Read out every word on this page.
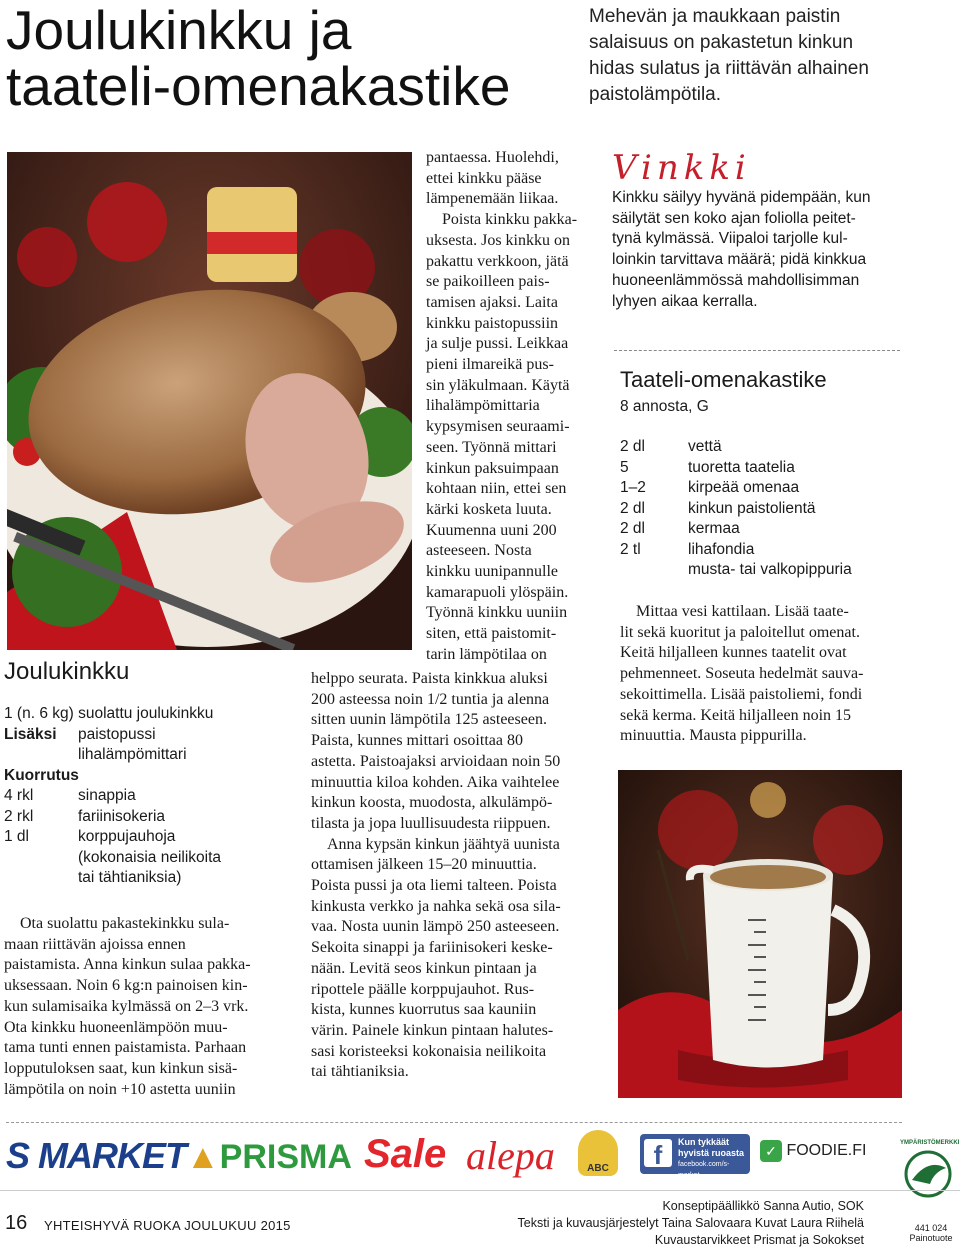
Joulukinkku ja
taateli-omenakastike
Mehevän ja maukkaan paistin
salaisuus on pakastetun kinkun
hidas sulatus ja riittävän alhainen
paistolämpötila.
Joulukinkku
1 (n. 6 kg) suolattu joulukinkku
Lisäksi	paistopussi
lihalämpömittari
Kuorrutus
4 rkl	sinappia
2 rkl	fariinisokeria
1 dl	korppujauhoja
(kokonaisia neilikoita
tai tähtianiksia)
Ota suolattu pakastekinkku sula-
maan riittävän ajoissa ennen
paistamista. Anna kinkun sulaa pakka-
uksessaan. Noin 6 kg:n painoisen kin-
kun sulamisaika kylmässä on 2–3 vrk.
Ota kinkku huoneenlämpöön muu-
tama tunti ennen paistamista. Parhaan
lopputuloksen saat, kun kinkun sisä-
lämpötila on noin +10 astetta uuniin
pantaessa. Huolehdi,
ettei kinkku pääse
lämpenemään liikaa.
Poista kinkku pakka-
uksesta. Jos kinkku on
pakattu verkkoon, jätä
se paikoilleen pais-
tamisen ajaksi. Laita
kinkku paistopussiin
ja sulje pussi. Leikkaa
pieni ilmareikä pus-
sin yläkulmaan. Käytä
lihalämpömittaria
kypsymisen seuraami-
seen. Työnnä mittari
kinkun paksuimpaan
kohtaan niin, ettei sen
kärki kosketa luuta.
Kuumenna uuni 200
asteeseen. Nosta
kinkku uunipannulle
kamarapuoli ylöspäin.
Työnnä kinkku uuniin
siten, että paistomit-
tarin lämpötilaa on
helppo seurata. Paista kinkkua aluksi
200 asteessa noin 1/2 tuntia ja alenna
sitten uunin lämpötila 125 asteeseen.
Paista, kunnes mittari osoittaa 80
astetta. Paistoajaksi arvioidaan noin 50
minuuttia kiloa kohden. Aika vaihtelee
kinkun koosta, muodosta, alkulämpö-
tilasta ja jopa luullisuudesta riippuen.
Anna kypsän kinkun jäähtyä uunista
ottamisen jälkeen 15–20 minuuttia.
Poista pussi ja ota liemi talteen. Poista
kinkusta verkko ja nahka sekä osa sila-
vaa. Nosta uunin lämpö 250 asteeseen.
Sekoita sinappi ja fariinisokeri keske-
nään. Levitä seos kinkun pintaan ja
ripottele päälle korppujauhot. Rus-
kista, kunnes kuorrutus saa kauniin
värin. Painele kinkun pintaan halutes-
sasi koristeeksi kokonaisia neilikoita
tai tähtianiksia.
Vinkki
Kinkku säilyy hyvänä pidempään, kun
säilytät sen koko ajan foliolla peitet-
tynä kylmässä. Viipaloi tarjolle kul-
loinkin tarvittava määrä; pidä kinkkua
huoneenlämmössä mahdollisimman
lyhyen aikaa kerralla.
Taateli-omenakastike
8 annosta, G
2 dl	vettä
5	tuoretta taatelia
1–2	kirpeää omenaa
2 dl	kinkun paistolientä
2 dl	kermaa
2 tl	lihafondia
musta- tai valkopippuria
Mittaa vesi kattilaan. Lisää taate-
lit sekä kuoritut ja paloitellut omenat.
Keitä hiljalleen kunnes taatelit ovat
pehmenneet. Soseuta hedelmät sauva-
sekoittimella. Lisää paistoliemi, fondi
sekä kerma. Keitä hiljalleen noin 15
minuuttia. Mausta pippurilla.
S MARKET ▲PRISMA Sale alepa	ABC	f	Kun tykkäät
hyvistä ruoasta
facebook.com/s-market
✓ FOODIE.FI	YMPÄRISTÖMERKKI
441 024
Painotuote
16 YHTEISHYVÄ RUOKA JOULUKUU 2015
Konseptipäällikkö Sanna Autio, SOK
Teksti ja kuvausjärjestelyt Taina Salovaara Kuvat Laura Riihelä
Kuvaustarvikkeet Prismat ja Sokokset
